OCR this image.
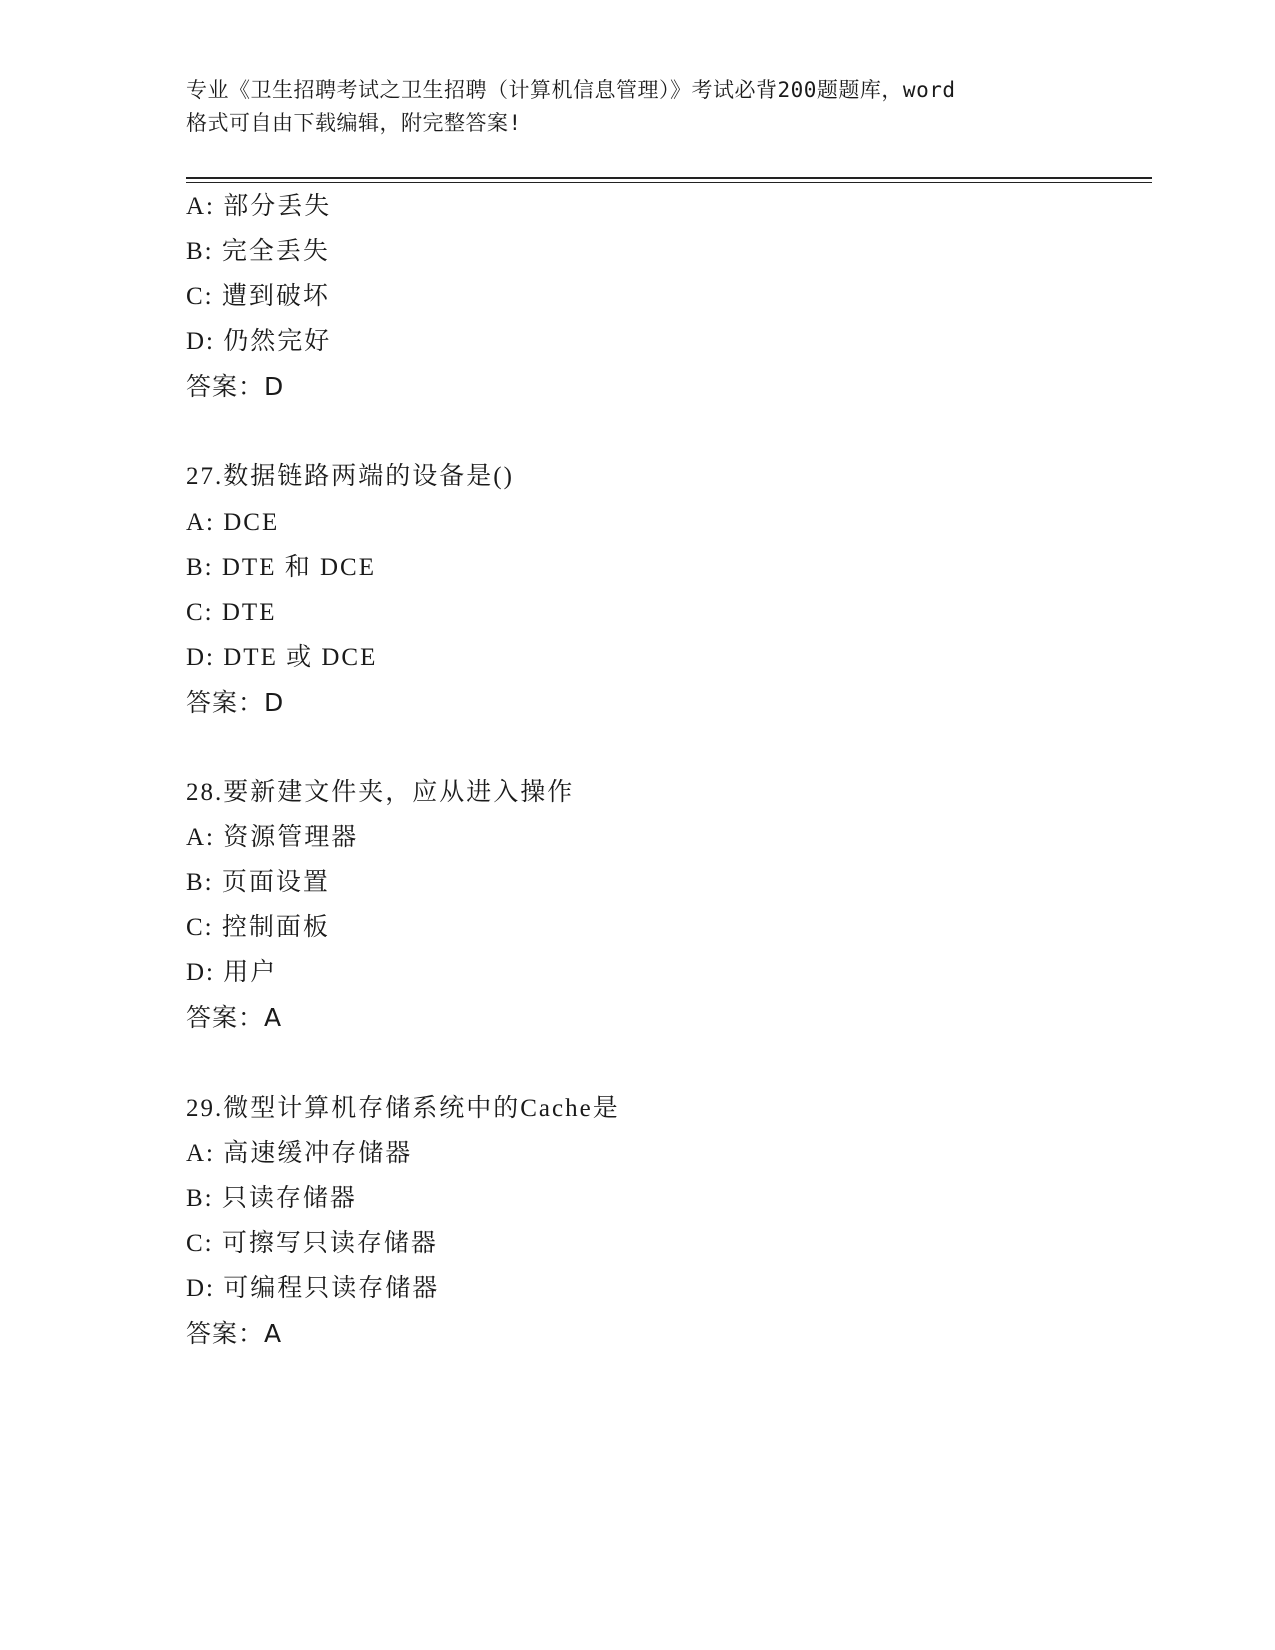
专业《卫生招聘考试之卫生招聘（计算机信息管理）》考试必背200题题库，word
格式可自由下载编辑，附完整答案!
A: 部分丢失
B: 完全丢失
C: 遭到破坏
D: 仍然完好
答案：D
27.数据链路两端的设备是()
A: DCE
B: DTE 和 DCE
C: DTE
D: DTE 或 DCE
答案：D
28.要新建文件夹，应从进入操作
A: 资源管理器
B: 页面设置
C: 控制面板
D: 用户
答案：A
29.微型计算机存储系统中的Cache是
A: 高速缓冲存储器
B: 只读存储器
C: 可擦写只读存储器
D: 可编程只读存储器
答案：A
